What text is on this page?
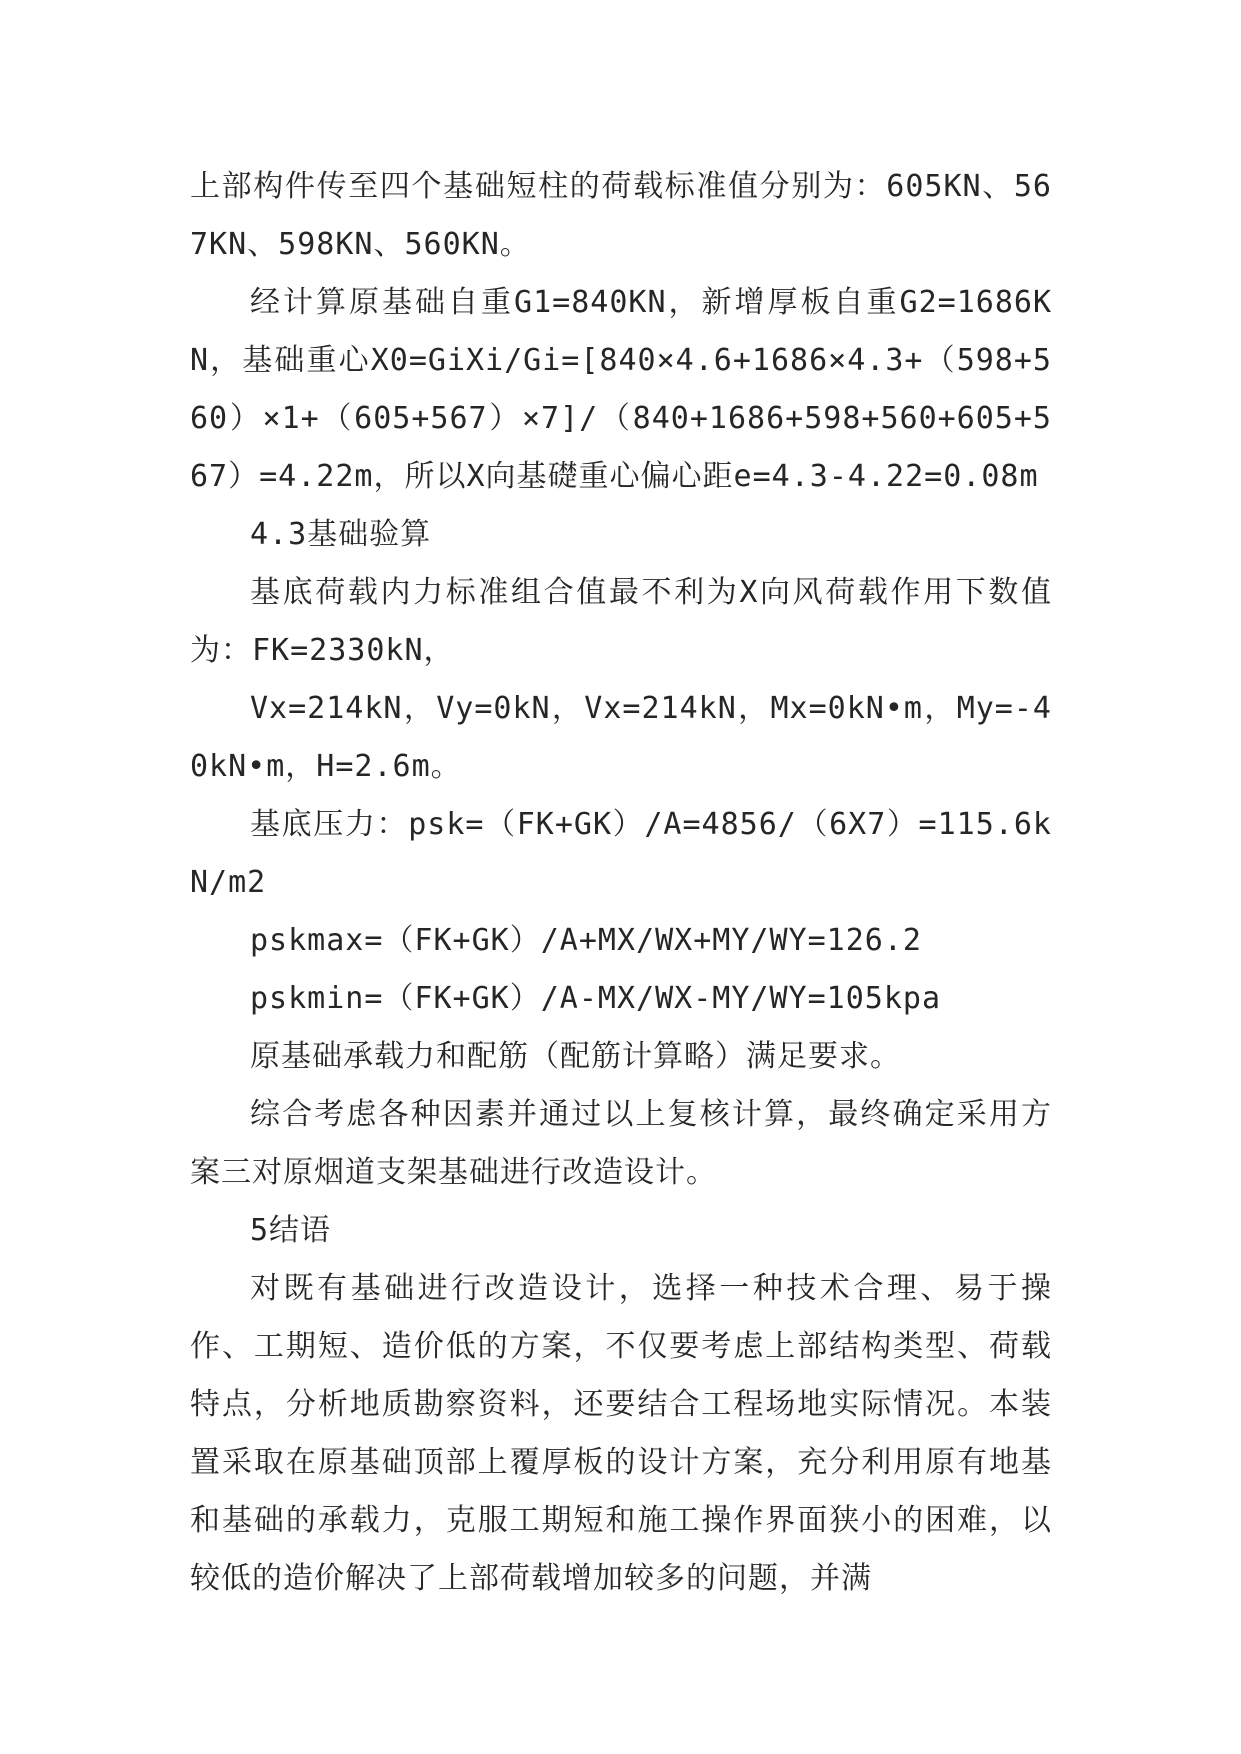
上部构件传至四个基础短柱的荷载标准值分别为：605KN、567KN、598KN、560KN。

经计算原基础自重G1=840KN，新增厚板自重G2=1686KN，基础重心X0=GiXi/Gi=[840×4.6+1686×4.3+（598+560）×1+（605+567）×7]/（840+1686+598+560+605+567）=4.22m，所以X向基礎重心偏心距e=4.3-4.22=0.08m

4.3基础验算

基底荷载内力标准组合值最不利为X向风荷载作用下数值为：FK=2330kN，

Vx=214kN，Vy=0kN，Vx=214kN，Mx=0kN•m，My=-40kN•m，H=2.6m。

基底压力：psk=（FK+GK）/A=4856/（6X7）=115.6kN/m2

pskmax=（FK+GK）/A+MX/WX+MY/WY=126.2

pskmin=（FK+GK）/A-MX/WX-MY/WY=105kpa

原基础承载力和配筋（配筋计算略）满足要求。

综合考虑各种因素并通过以上复核计算，最终确定采用方案三对原烟道支架基础进行改造设计。

5结语

对既有基础进行改造设计，选择一种技术合理、易于操作、工期短、造价低的方案，不仅要考虑上部结构类型、荷载特点，分析地质勘察资料，还要结合工程场地实际情况。本装置采取在原基础顶部上覆厚板的设计方案，充分利用原有地基和基础的承载力，克服工期短和施工操作界面狭小的困难，以较低的造价解决了上部荷载增加较多的问题，并满
